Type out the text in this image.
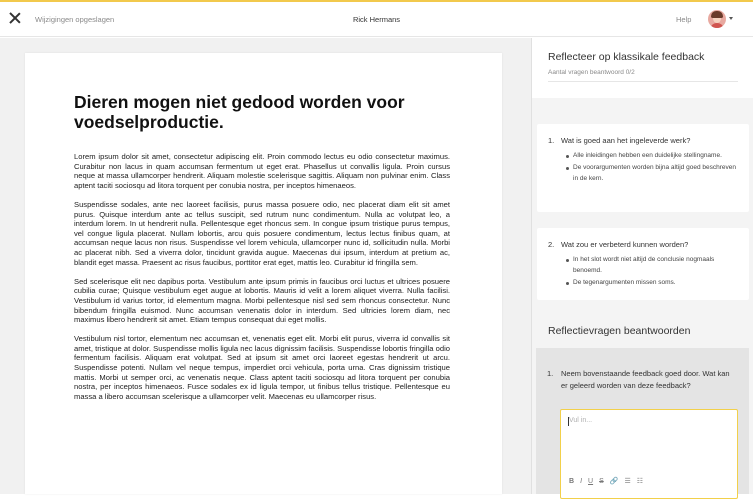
Wijzigingen opgeslagen	Rick Hermans	Help
Dieren mogen niet gedood worden voor voedselproductie.

Lorem ipsum dolor sit amet, consectetur adipiscing elit. Proin commodo lectus eu odio consectetur maximus. Curabitur non lacus in quam accumsan fermentum ut eget erat. Phasellus ut convallis ligula. Proin cursus neque at massa ullamcorper hendrerit. Aliquam molestie scelerisque sagittis. Aliquam non pulvinar enim. Class aptent taciti sociosqu ad litora torquent per conubia nostra, per inceptos himenaeos.

Suspendisse sodales, ante nec laoreet facilisis, purus massa posuere odio, nec placerat diam elit sit amet purus. Quisque interdum ante ac tellus suscipit, sed rutrum nunc condimentum. Nulla ac volutpat leo, a interdum lorem. In ut hendrerit nulla. Pellentesque eget rhoncus sem. In congue ipsum tristique purus tempus, vel congue ligula placerat. Nullam lobortis, arcu quis posuere condimentum, lectus lectus finibus quam, at accumsan neque lacus non risus. Suspendisse vel lorem vehicula, ullamcorper nunc id, sollicitudin nulla. Morbi ac placerat nibh. Sed a viverra dolor, tincidunt gravida augue. Maecenas dui ipsum, interdum at pretium ac, blandit eget massa. Praesent ac risus faucibus, porttitor erat eget, mattis leo. Curabitur id fringilla sem.

Sed scelerisque elit nec dapibus porta. Vestibulum ante ipsum primis in faucibus orci luctus et ultrices posuere cubilia curae; Quisque vestibulum eget augue at lobortis. Mauris id velit a lorem aliquet viverra. Nulla facilisi. Vestibulum id varius tortor, id elementum magna. Morbi pellentesque nisl sed sem rhoncus consectetur. Nunc bibendum fringilla euismod. Nunc accumsan venenatis dolor in interdum. Sed ultricies lorem diam, nec maximus libero hendrerit sit amet. Etiam tempus consequat dui eget mollis.

Vestibulum nisl tortor, elementum nec accumsan et, venenatis eget elit. Morbi elit purus, viverra id convallis sit amet, tristique at dolor. Suspendisse mollis ligula nec lacus dignissim facilisis. Suspendisse lobortis fringilla odio fermentum facilisis. Aliquam erat volutpat. Sed at ipsum sit amet orci laoreet egestas hendrerit ut arcu. Suspendisse potenti. Nullam vel neque tempus, imperdiet orci vehicula, porta urna. Cras dignissim tristique mattis. Morbi ut semper orci, ac venenatis neque. Class aptent taciti sociosqu ad litora torquent per conubia nostra, per inceptos himenaeos. Fusce sodales ex id ligula tempor, ut finibus tellus tristique. Pellentesque eu massa a libero accumsan scelerisque a ullamcorper velit. Maecenas eu ullamcorper risus.

Reflecteer op klassikale feedback
Aantal vragen beantwoord 0/2
1. Wat is goed aan het ingeleverde werk?
Alle inleidingen hebben een duidelijke stellingname.
De voorargumenten worden bijna altijd goed beschreven in de kern.
2. Wat zou er verbeterd kunnen worden?
In het slot wordt niet altijd de conclusie nogmaals benoemd.
De tegenargumenten missen soms.
Reflectievragen beantwoorden
1.	Neem bovenstaande feedback goed door. Wat kan er geleerd worden van deze feedback?
Vul in...
B I U S 🔗 ☰ ☷
